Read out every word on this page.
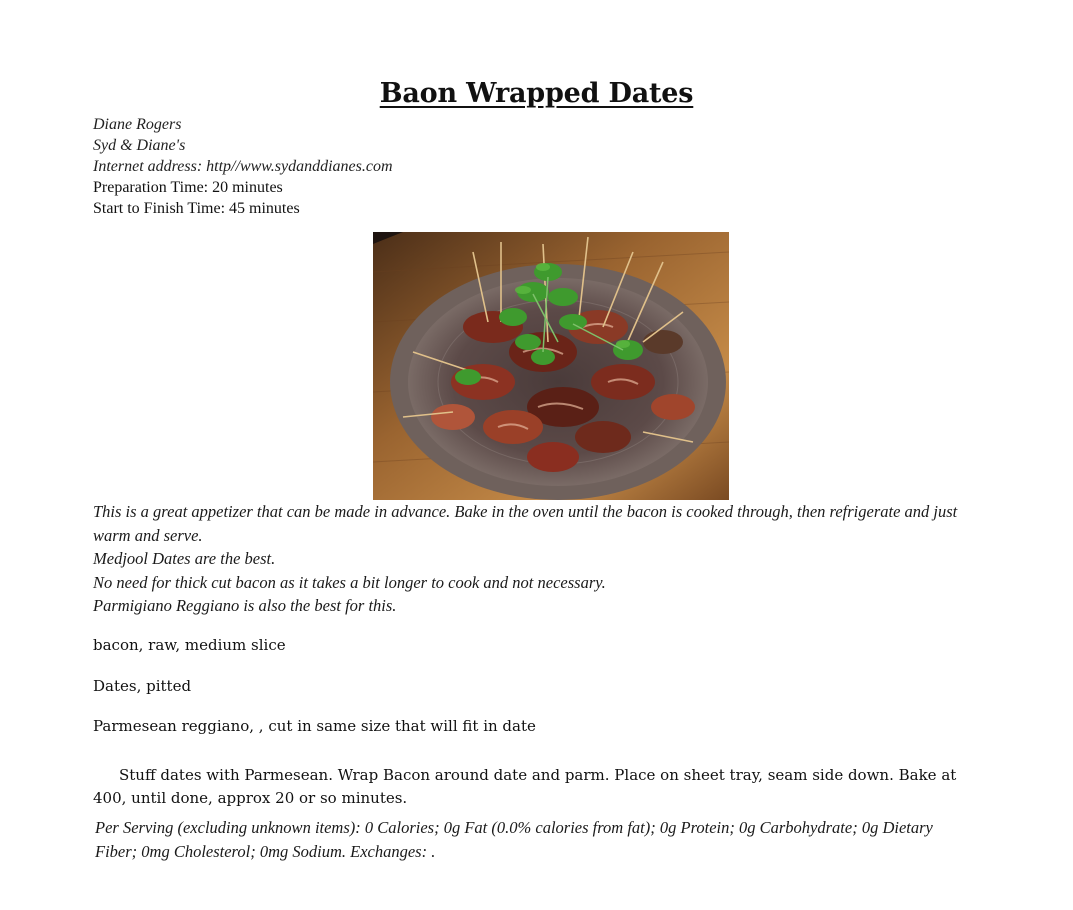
Baon Wrapped Dates
Diane Rogers
Syd & Diane's
Internet address: http//www.sydanddianes.com
Preparation Time: 20 minutes
Start to Finish Time: 45 minutes
This is a great appetizer that can be made in advance. Bake in the oven until the bacon is cooked through, then refrigerate and just warm and serve.
Medjool Dates are the best.
No need for thick cut bacon as it takes a bit longer to cook and not necessary.
Parmigiano Reggiano is also the best for this.
bacon, raw, medium slice
Dates, pitted
Parmesean reggiano, , cut in same size that will fit in date
Stuff dates with Parmesean. Wrap Bacon around date and parm. Place on sheet tray, seam side down. Bake at 400, until done, approx 20 or so minutes.
Per Serving (excluding unknown items): 0 Calories; 0g Fat (0.0% calories from fat); 0g Protein; 0g Carbohydrate; 0g Dietary Fiber; 0mg Cholesterol; 0mg Sodium. Exchanges: .
